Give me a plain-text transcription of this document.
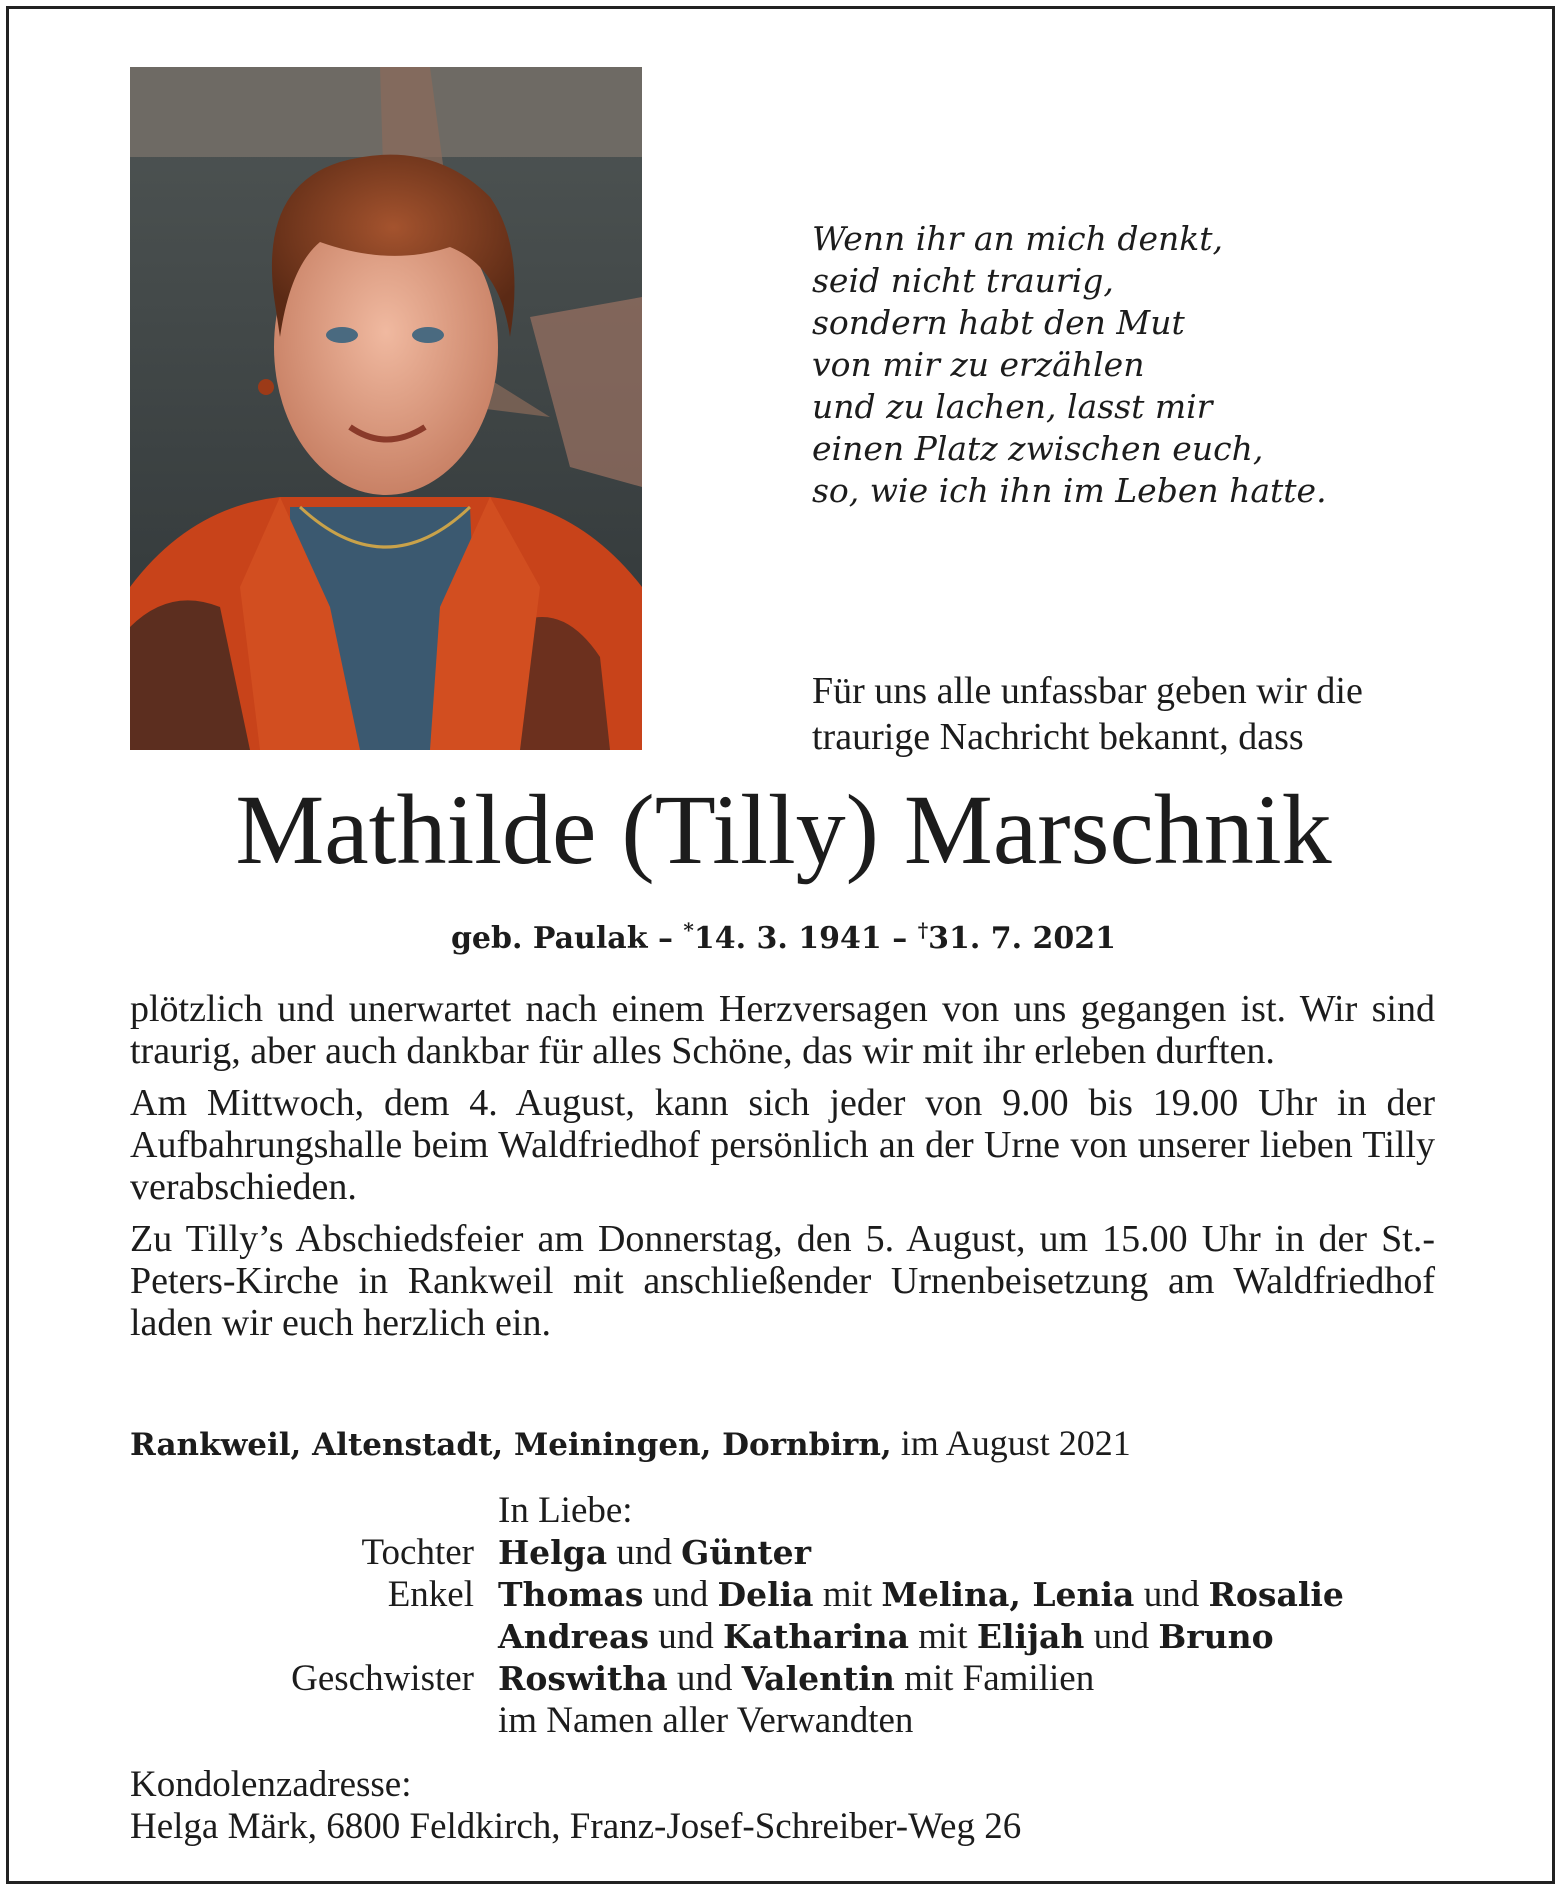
Wenn ihr an mich denkt,
seid nicht traurig,
sondern habt den Mut
von mir zu erzählen
und zu lachen, lasst mir
einen Platz zwischen euch,
so, wie ich ihn im Leben hatte.
Für uns alle unfassbar geben wir die
traurige Nachricht bekannt, dass
Mathilde (Tilly) Marschnik
geb. Paulak – *14. 3. 1941 – †31. 7. 2021

plötzlich und unerwartet nach einem Herzversagen von uns gegangen ist. Wir sind traurig, aber auch dankbar für alles Schöne, das wir mit ihr erleben durften.

Am Mittwoch, dem 4. August, kann sich jeder von 9.00 bis 19.00 Uhr in der Aufbahrungshalle beim Waldfriedhof persönlich an der Urne von unserer lieben Tilly verabschieden.

Zu Tilly’s Abschiedsfeier am Donnerstag, den 5. August, um 15.00 Uhr in der St.-Peters-Kirche in Rankweil mit anschließender Urnenbeisetzung am Waldfriedhof laden wir euch herzlich ein.

Rankweil, Altenstadt, Meiningen, Dornbirn, im August 2021
In Liebe:
Tochter Helga und Günter
Enkel Thomas und Delia mit Melina, Lenia und Rosalie
Andreas und Katharina mit Elijah und Bruno
Geschwister Roswitha und Valentin mit Familien
im Namen aller Verwandten
Kondolenzadresse:
Helga Märk, 6800 Feldkirch, Franz-Josef-Schreiber-Weg 26
